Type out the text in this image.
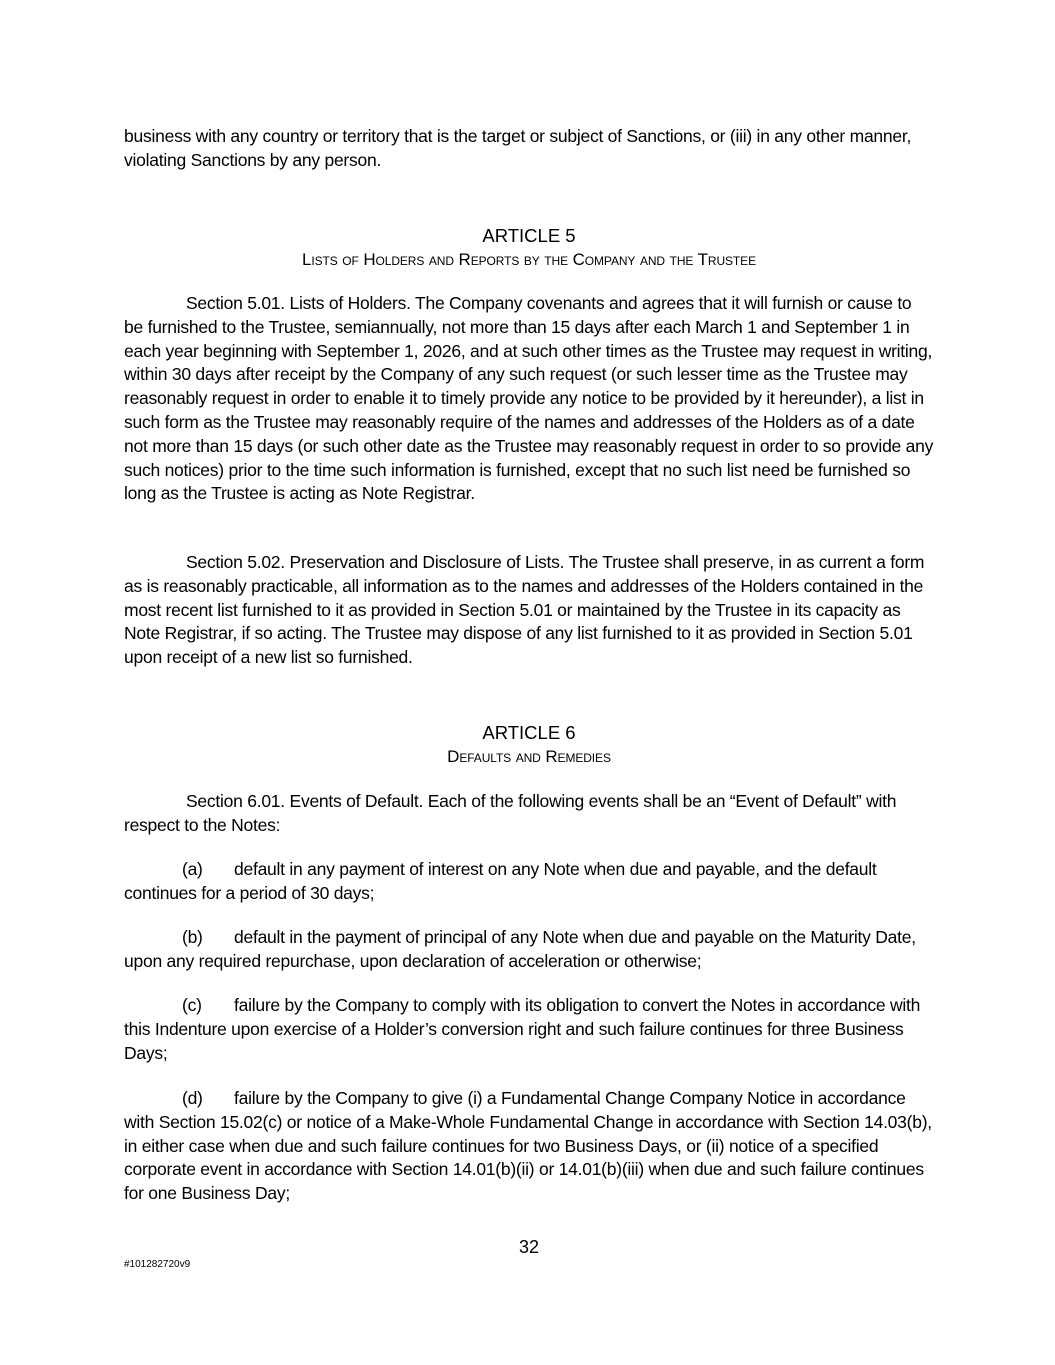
business with any country or territory that is the target or subject of Sanctions, or (iii) in any other manner, violating Sanctions by any person.

ARTICLE 5
Lists of Holders and Reports by the Company and the Trustee

Section 5.01. Lists of Holders. The Company covenants and agrees that it will furnish or cause to be furnished to the Trustee, semiannually, not more than 15 days after each March 1 and September 1 in each year beginning with September 1, 2026, and at such other times as the Trustee may request in writing, within 30 days after receipt by the Company of any such request (or such lesser time as the Trustee may reasonably request in order to enable it to timely provide any notice to be provided by it hereunder), a list in such form as the Trustee may reasonably require of the names and addresses of the Holders as of a date not more than 15 days (or such other date as the Trustee may reasonably request in order to so provide any such notices) prior to the time such information is furnished, except that no such list need be furnished so long as the Trustee is acting as Note Registrar.

Section 5.02. Preservation and Disclosure of Lists. The Trustee shall preserve, in as current a form as is reasonably practicable, all information as to the names and addresses of the Holders contained in the most recent list furnished to it as provided in Section 5.01 or maintained by the Trustee in its capacity as Note Registrar, if so acting. The Trustee may dispose of any list furnished to it as provided in Section 5.01 upon receipt of a new list so furnished.

ARTICLE 6
Defaults and Remedies

Section 6.01. Events of Default. Each of the following events shall be an “Event of Default” with respect to the Notes:

(a) default in any payment of interest on any Note when due and payable, and the default continues for a period of 30 days;

(b) default in the payment of principal of any Note when due and payable on the Maturity Date, upon any required repurchase, upon declaration of acceleration or otherwise;

(c) failure by the Company to comply with its obligation to convert the Notes in accordance with this Indenture upon exercise of a Holder’s conversion right and such failure continues for three Business Days;

(d) failure by the Company to give (i) a Fundamental Change Company Notice in accordance with Section 15.02(c) or notice of a Make-Whole Fundamental Change in accordance with Section 14.03(b), in either case when due and such failure continues for two Business Days, or (ii) notice of a specified corporate event in accordance with Section 14.01(b)(ii) or 14.01(b)(iii) when due and such failure continues for one Business Day;

32
#101282720v9
